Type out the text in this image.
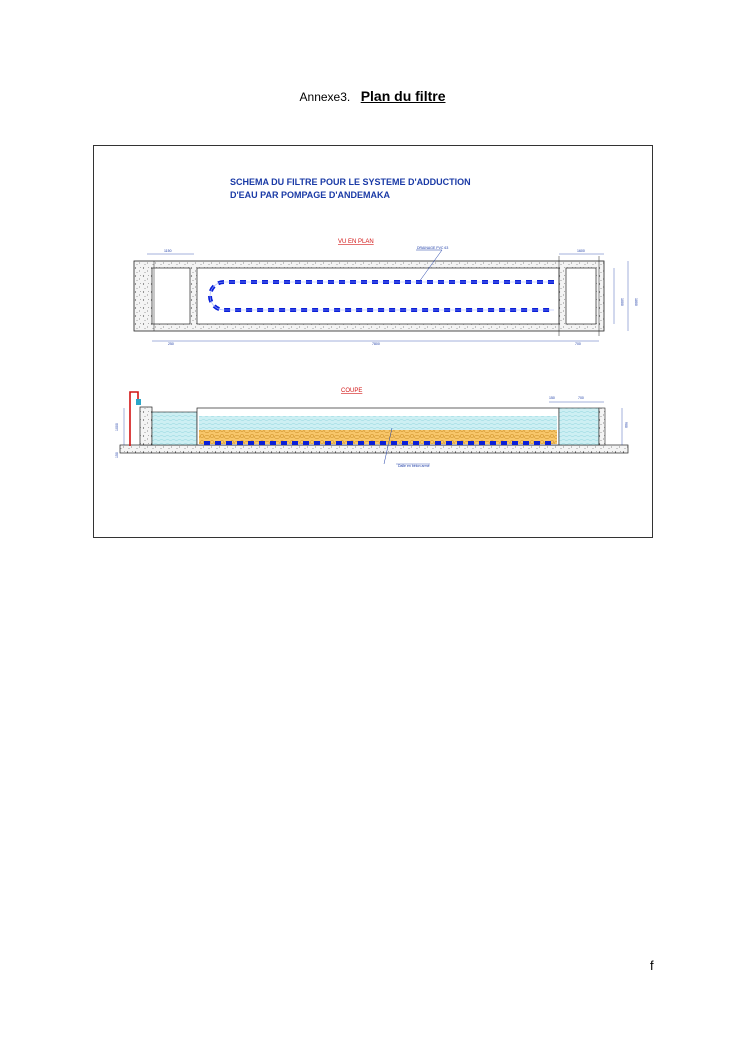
Annexe3. Plan du filtre
SCHEMA DU FILTRE POUR LE SYSTEME D'ADDUCTION
D'EAU PAR POMPAGE D'ANDEMAKA
VU EN PLAN
DRAINAGE PVC 63
1150	1600
250	7800	700
1000	1800
COUPE
Dalle en béton armé
150	700
1000
150
900
f
